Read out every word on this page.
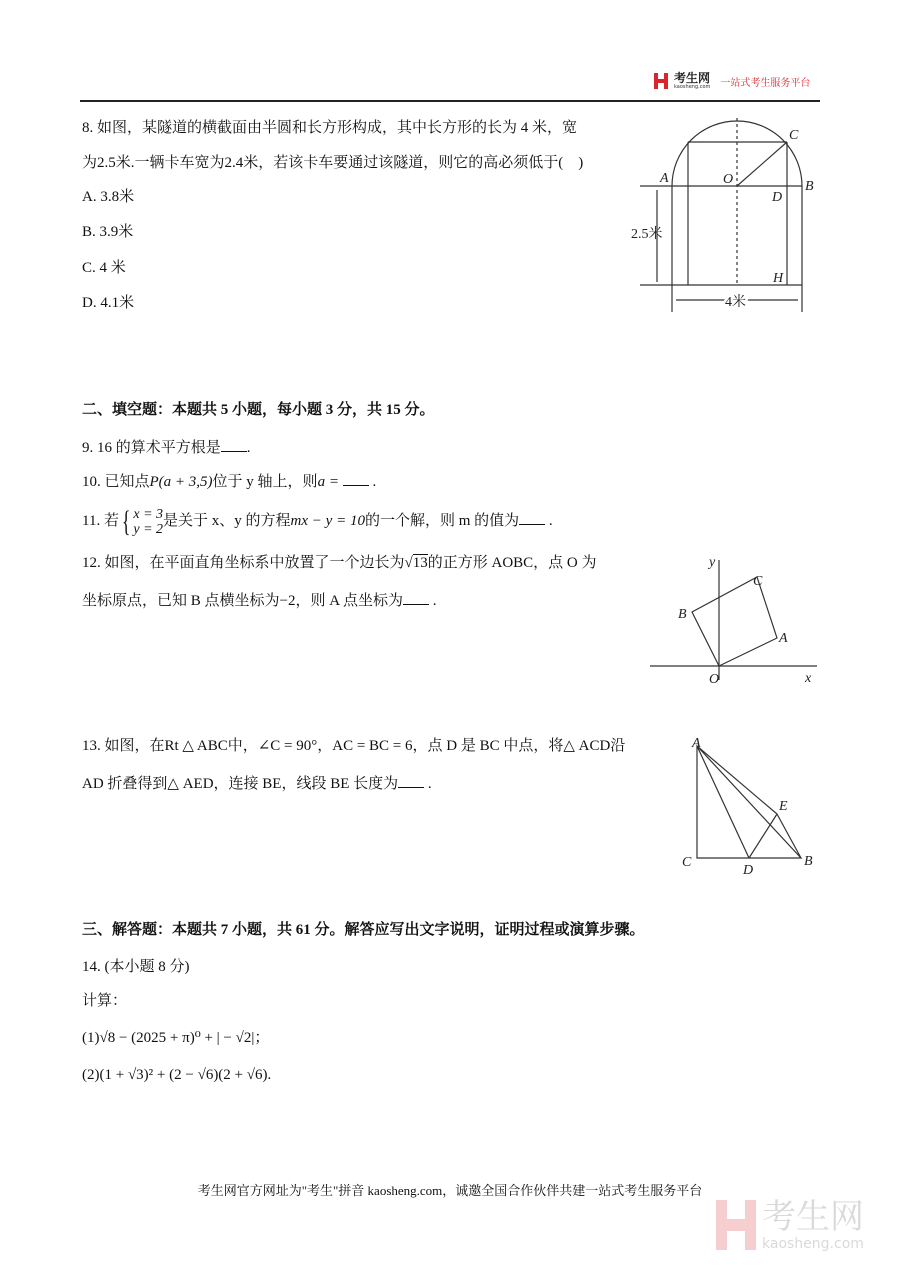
考生网
kaosheng.com 一站式考生服务平台
8. 如图，某隧道的横截面由半圆和长方形构成，其中长方形的长为 4 米，宽
为2.5米.一辆卡车宽为2.4米，若该卡车要通过该隧道，则它的高必须低于(　)
A. 3.8米
B. 3.9米
C. 4 米
D. 4.1米
A
B
C
O
D
H
2.5米
4米
二、填空题：本题共 5 小题，每小题 3 分，共 15 分。
9. 16 的算术平方根是 .
10. 已知点P(a + 3,5)位于 y 轴上，则a =  .
11. 若 { x = 3
y = 2
是关于 x、y 的方程mx − y = 10的一个解，则 m 的值为 .
12. 如图，在平面直角坐标系中放置了一个边长为√13的正方形 AOBC，点 O 为
坐标原点，已知 B 点横坐标为−2，则 A 点坐标为 .
y
x
O
A
B
C
13. 如图，在Rt △ ABC中，∠C = 90°，AC = BC = 6，点 D 是 BC 中点，将△ ACD沿
AD 折叠得到△ AED，连接 BE，线段 BE 长度为 .
A
B
C
D
E
三、解答题：本题共 7 小题，共 61 分。解答应写出文字说明，证明过程或演算步骤。
14. (本小题 8 分)
计算：
(1)√8 − (2025 + π)⁰ + | − √2|；
(2)(1 + √3)² + (2 − √6)(2 + √6).
考生网官方网址为"考生"拼音 kaosheng.com，诚邀全国合作伙伴共建一站式考生服务平台
考生网
kaosheng.com
